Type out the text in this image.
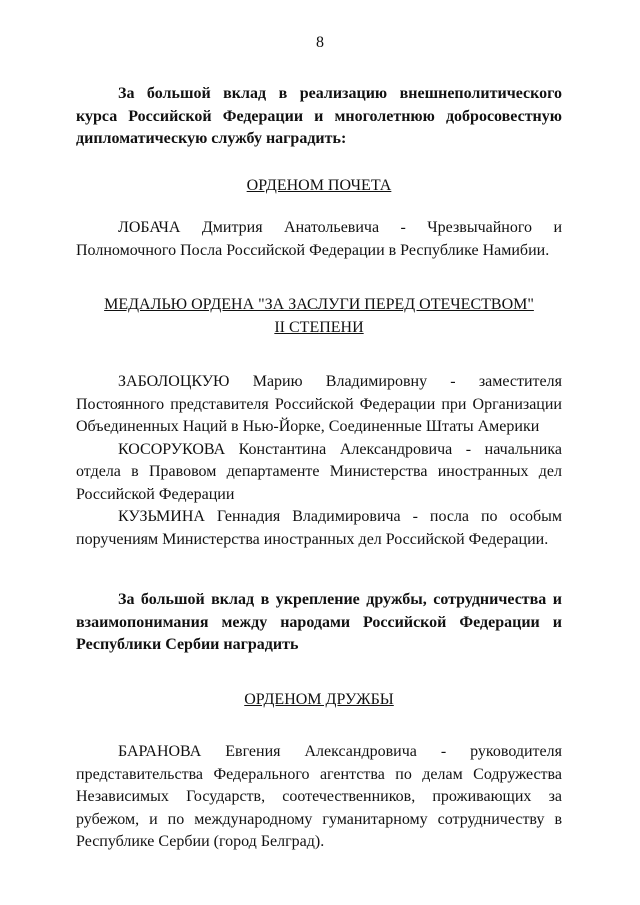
8

За большой вклад в реализацию внешнеполитического курса Российской Федерации и многолетнюю добросовестную дипломатическую службу наградить:

ОРДЕНОМ ПОЧЕТА

ЛОБАЧА Дмитрия Анатольевича - Чрезвычайного и Полномочного Посла Российской Федерации в Республике Намибии.

МЕДАЛЬЮ ОРДЕНА "ЗА ЗАСЛУГИ ПЕРЕД ОТЕЧЕСТВОМ"

II СТЕПЕНИ

ЗАБОЛОЦКУЮ Марию Владимировну - заместителя Постоянного представителя Российской Федерации при Организации Объединенных Наций в Нью-Йорке, Соединенные Штаты Америки

КОСОРУКОВА Константина Александровича - начальника отдела в Правовом департаменте Министерства иностранных дел Российской Федерации

КУЗЬМИНА Геннадия Владимировича - посла по особым поручениям Министерства иностранных дел Российской Федерации.

За большой вклад в укрепление дружбы, сотрудничества и взаимопонимания между народами Российской Федерации и Республики Сербии наградить

ОРДЕНОМ ДРУЖБЫ

БАРАНОВА Евгения Александровича - руководителя представительства Федерального агентства по делам Содружества Независимых Государств, соотечественников, проживающих за рубежом, и по международному гуманитарному сотрудничеству в Республике Сербии (город Белград).
